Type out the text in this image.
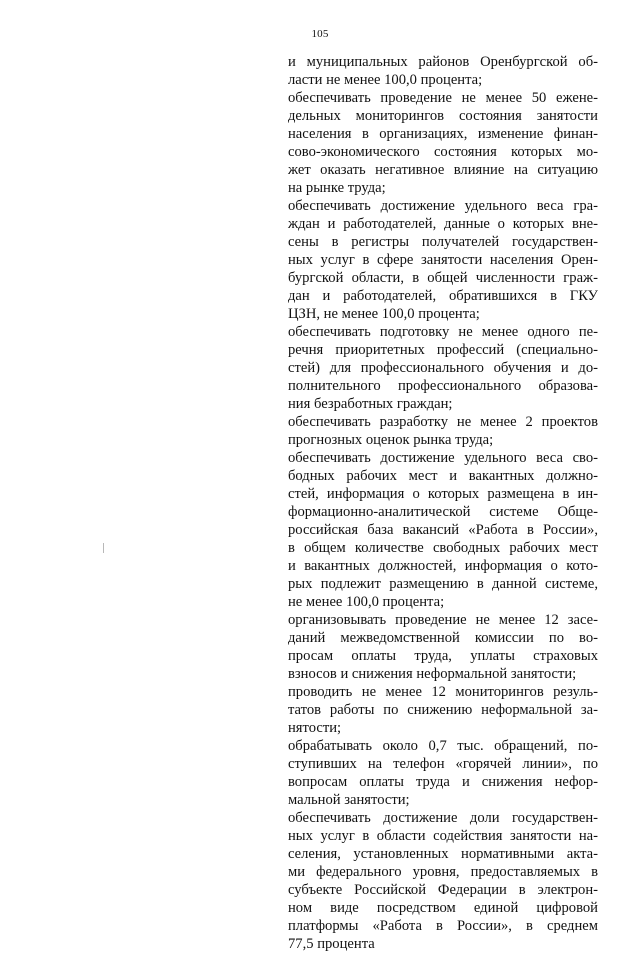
105
и муниципальных районов Оренбургской об-
ласти не менее 100,0 процента;
обеспечивать проведение не менее 50 еженe-
дельных мониторингов состояния занятости
населения в организациях, изменение финан-
сово-экономического состояния которых мо-
жет оказать негативное влияние на ситуацию
на рынке труда;
обеспечивать достижение удельного веса гра-
ждан и работодателей, данные о которых вне-
сены в регистры получателей государствен-
ных услуг в сфере занятости населения Орен-
бургской области, в общей численности граж-
дан и работодателей, обратившихся в ГКУ
ЦЗН, не менее 100,0 процента;
обеспечивать подготовку не менее одного пе-
речня приоритетных профессий (специально-
стей) для профессионального обучения и до-
полнительного профессионального образова-
ния безработных граждан;
обеспечивать разработку не менее 2 проектов
прогнозных оценок рынка труда;
обеспечивать достижение удельного веса сво-
бодных рабочих мест и вакантных должно-
стей, информация о которых размещена в ин-
формационно-аналитической системе Обще-
российская база вакансий «Работа в России»,
в общем количестве свободных рабочих мест
и вакантных должностей, информация о кото-
рых подлежит размещению в данной системе,
не менее 100,0 процента;
организовывать проведение не менее 12 засе-
даний межведомственной комиссии по во-
просам оплаты труда, уплаты страховых
взносов и снижения неформальной занятости;
проводить не менее 12 мониторингов резуль-
татов работы по снижению неформальной за-
нятости;
обрабатывать около 0,7 тыс. обращений, по-
ступивших на телефон «горячей линии», по
вопросам оплаты труда и снижения нефор-
мальной занятости;
обеспечивать достижение доли государствен-
ных услуг в области содействия занятости на-
селения, установленных нормативными акта-
ми федерального уровня, предоставляемых в
субъекте Российской Федерации в электрон-
ном виде посредством единой цифровой
платформы «Работа в России», в среднем
77,5 процента
